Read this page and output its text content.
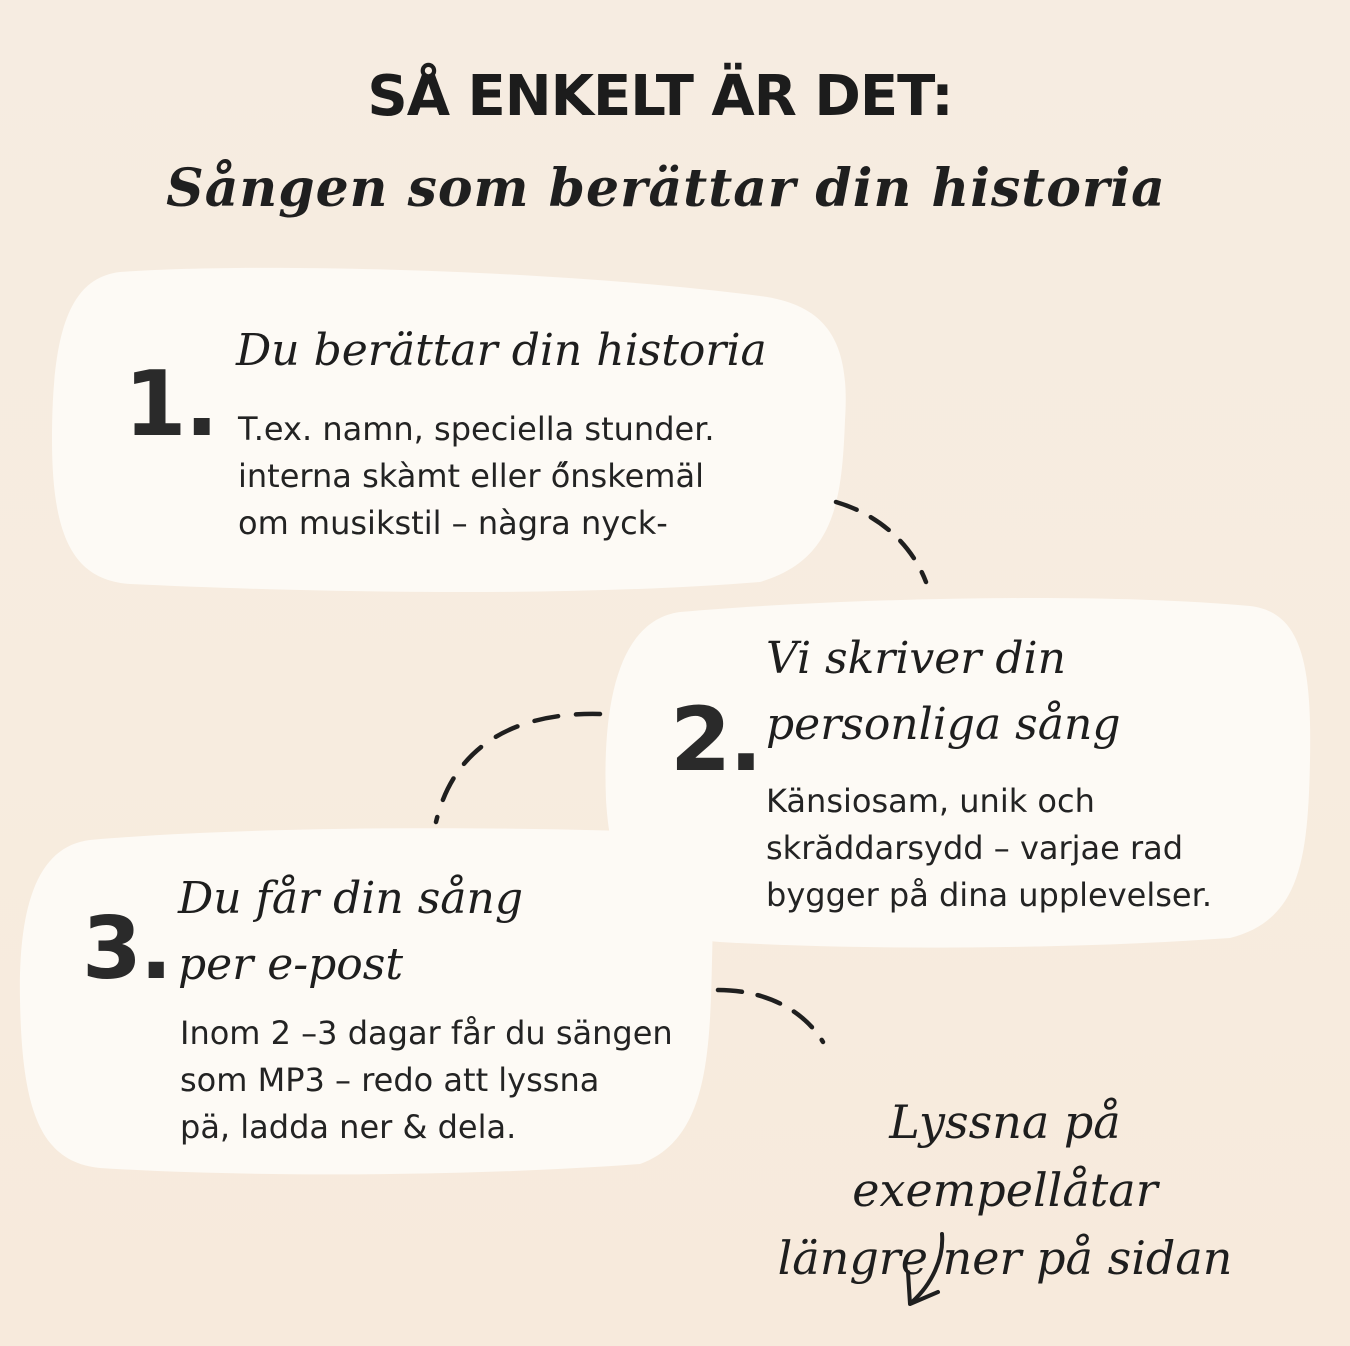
SÅ ENKELT ÄR DET:
Sången som berättar din historia
1.
Du berättar din historia
T.ex. namn, speciella stunder.
interna skàmt eller ő́nskemäl
om musikstil – nàgra nyck-
2.
Vi skriver din
personliga sång
Känsiosam, unik och
skrăddarsydd – varjae rad
bygger på dina upplevelser.
3.
Du får din sång
per e-post
Inom 2 –3 dagar får du sängen
som MP3 – redo att lyssna
pä, ladda ner & dela.	Lyssna på exempellåtar
längre ner på sidan
